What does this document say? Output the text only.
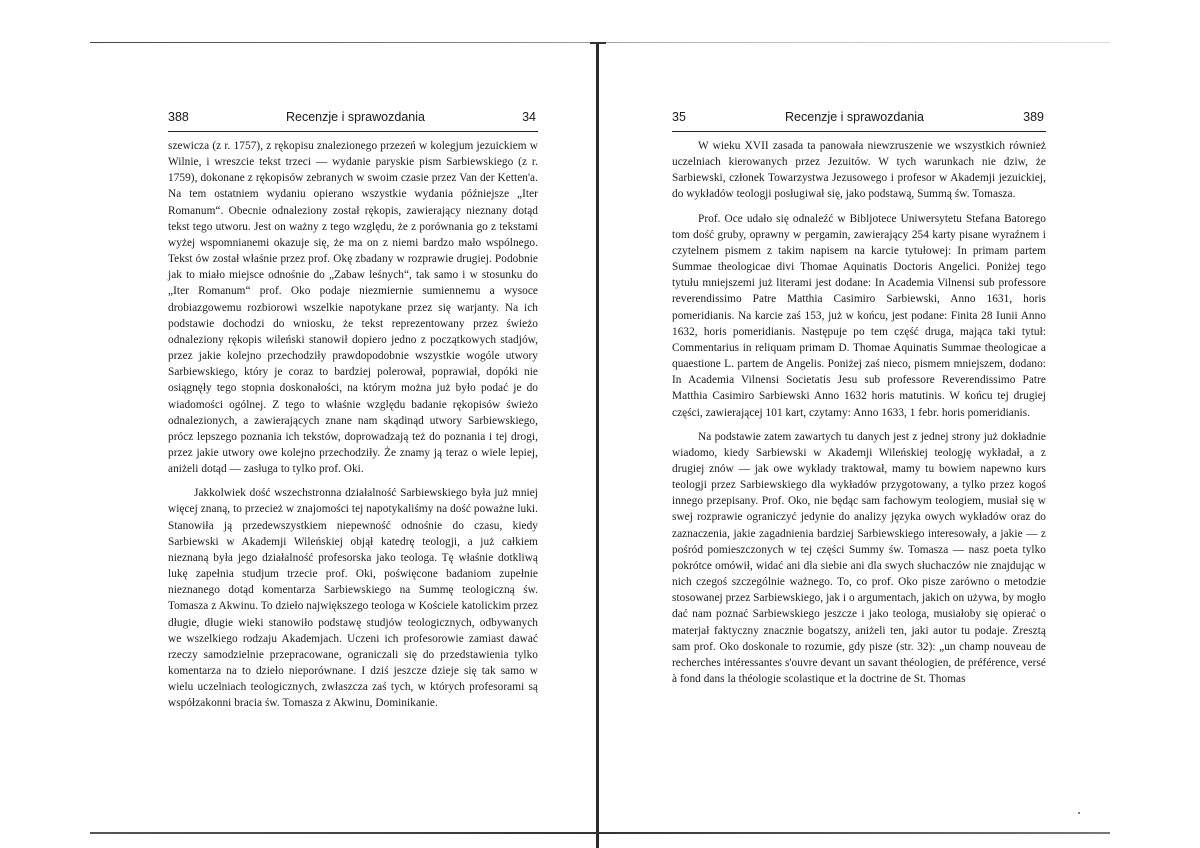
388	Recenzje i sprawozdania	34

szewicza (z r. 1757), z rękopisu znalezionego przezeń w kolegjum jezuickiem w Wilnie, i wreszcie tekst trzeci — wydanie paryskie pism Sarbiewskiego (z r. 1759), dokonane z rękopisów zebranych w swoim czasie przez Van der Ketten'a. Na tem ostatniem wydaniu opierano wszystkie wydania późniejsze „Iter Romanum“. Obecnie odnaleziony został rękopis, zawierający nieznany dotąd tekst tego utworu. Jest on ważny z tego względu, że z porównania go z tekstami wyżej wspomnianemi okazuje się, że ma on z niemi bardzo mało wspólnego. Tekst ów został właśnie przez prof. Okę zbadany w rozprawie drugiej. Podobnie jak to miało miejsce odnośnie do „Zabaw leśnych“, tak samo i w stosunku do „Iter Romanum“ prof. Oko podaje niezmiernie sumiennemu a wysoce drobiazgowemu rozbiorowi wszelkie napotykane przez się warjanty. Na ich podstawie dochodzi do wniosku, że tekst reprezentowany przez świeżo odnaleziony rękopis wileński stanowił dopiero jedno z początkowych stadjów, przez jakie kolejno przechodziły prawdopodobnie wszystkie wogóle utwory Sarbiewskiego, który je coraz to bardziej polerował, poprawiał, dopóki nie osiągnęły tego stopnia doskonałości, na którym można już było podać je do wiadomości ogólnej. Z tego to właśnie względu badanie rękopisów świeżo odnalezionych, a zawierających znane nam skądinąd utwory Sarbiewskiego, prócz lepszego poznania ich tekstów, doprowadzają też do poznania i tej drogi, przez jakie utwory owe kolejno przechodziły. Że znamy ją teraz o wiele lepiej, aniżeli dotąd — zasługa to tylko prof. Oki.

Jakkolwiek dość wszechstronna działalność Sarbiewskiego była już mniej więcej znaną, to przecież w znajomości tej napotykaliśmy na dość poważne luki. Stanowiła ją przedewszystkiem niepewność odnośnie do czasu, kiedy Sarbiewski w Akademji Wileńskiej objął katedrę teologji, a już całkiem nieznaną była jego działalność profesorska jako teologa. Tę właśnie dotkliwą lukę zapełnia studjum trzecie prof. Oki, poświęcone badaniom zupełnie nieznanego dotąd komentarza Sarbiewskiego na Summę teologiczną św. Tomasza z Akwinu. To dzieło największego teologa w Kościele katolickim przez długie, długie wieki stanowiło podstawę studjów teologicznych, odbywanych we wszelkiego rodzaju Akademjach. Uczeni ich profesorowie zamiast dawać rzeczy samodzielnie przepracowane, ograniczali się do przedstawienia tylko komentarza na to dzieło nieporównane. I dziś jeszcze dzieje się tak samo w wielu uczelniach teologicznych, zwłaszcza zaś tych, w których profesorami są współzakonni bracia św. Tomasza z Akwinu, Dominikanie.

35	Recenzje i sprawozdania	389

W wieku XVII zasada ta panowała niewzruszenie we wszystkich również uczelniach kierowanych przez Jezuitów. W tych warunkach nie dziw, że Sarbiewski, członek Towarzystwa Jezusowego i profesor w Akademji jezuickiej, do wykładów teologji posługiwał się, jako podstawą, Summą św. Tomasza.

Prof. Oce udało się odnaleźć w Bibljotece Uniwersytetu Stefana Batorego tom dość gruby, oprawny w pergamin, zawierający 254 karty pisane wyraźnem i czytelnem pismem z takim napisem na karcie tytułowej: In primam partem Summae theologicae divi Thomae Aquinatis Doctoris Angelici. Poniżej tego tytułu mniejszemi już literami jest dodane: In Academia Vilnensi sub professore reverendissimo Patre Matthia Casimiro Sarbiewski, Anno 1631, horis pomeridianis. Na karcie zaś 153, już w końcu, jest podane: Finita 28 Iunii Anno 1632, horis pomeridianis. Następuje po tem część druga, mająca taki tytuł: Commentarius in reliquam primam D. Thomae Aquinatis Summae theologicae a quaestione L. partem de Angelis. Poniżej zaś nieco, pismem mniejszem, dodano: In Academia Vilnensi Societatis Jesu sub professore Reverendissimo Patre Matthia Casimiro Sarbiewski Anno 1632 horis matutinis. W końcu tej drugiej części, zawierającej 101 kart, czytamy: Anno 1633, 1 febr. horis pomeridianis.

Na podstawie zatem zawartych tu danych jest z jednej strony już dokładnie wiadomo, kiedy Sarbiewski w Akademji Wileńskiej teologję wykładał, a z drugiej znów — jak owe wykłady traktował, mamy tu bowiem napewno kurs teologji przez Sarbiewskiego dla wykładów przygotowany, a tylko przez kogoś innego przepisany. Prof. Oko, nie będąc sam fachowym teologiem, musiał się w swej rozprawie ograniczyć jedynie do analizy języka owych wykładów oraz do zaznaczenia, jakie zagadnienia bardziej Sarbiewskiego interesowały, a jakie — z pośród pomieszczonych w tej części Summy św. Tomasza — nasz poeta tylko pokrótce omówił, widać ani dla siebie ani dla swych słuchaczów nie znajdując w nich czegoś szczególnie ważnego. To, co prof. Oko pisze zarówno o metodzie stosowanej przez Sarbiewskiego, jak i o argumentach, jakich on używa, by mogło dać nam poznać Sarbiewskiego jeszcze i jako teologa, musiałoby się opierać o materjał faktyczny znacznie bogatszy, aniżeli ten, jaki autor tu podaje. Zresztą sam prof. Oko doskonale to rozumie, gdy pisze (str. 32): „un champ nouveau de recherches intéressantes s'ouvre devant un savant théologien, de préférence, versé à fond dans la théologie scolastique et la doctrine de St. Thomas
